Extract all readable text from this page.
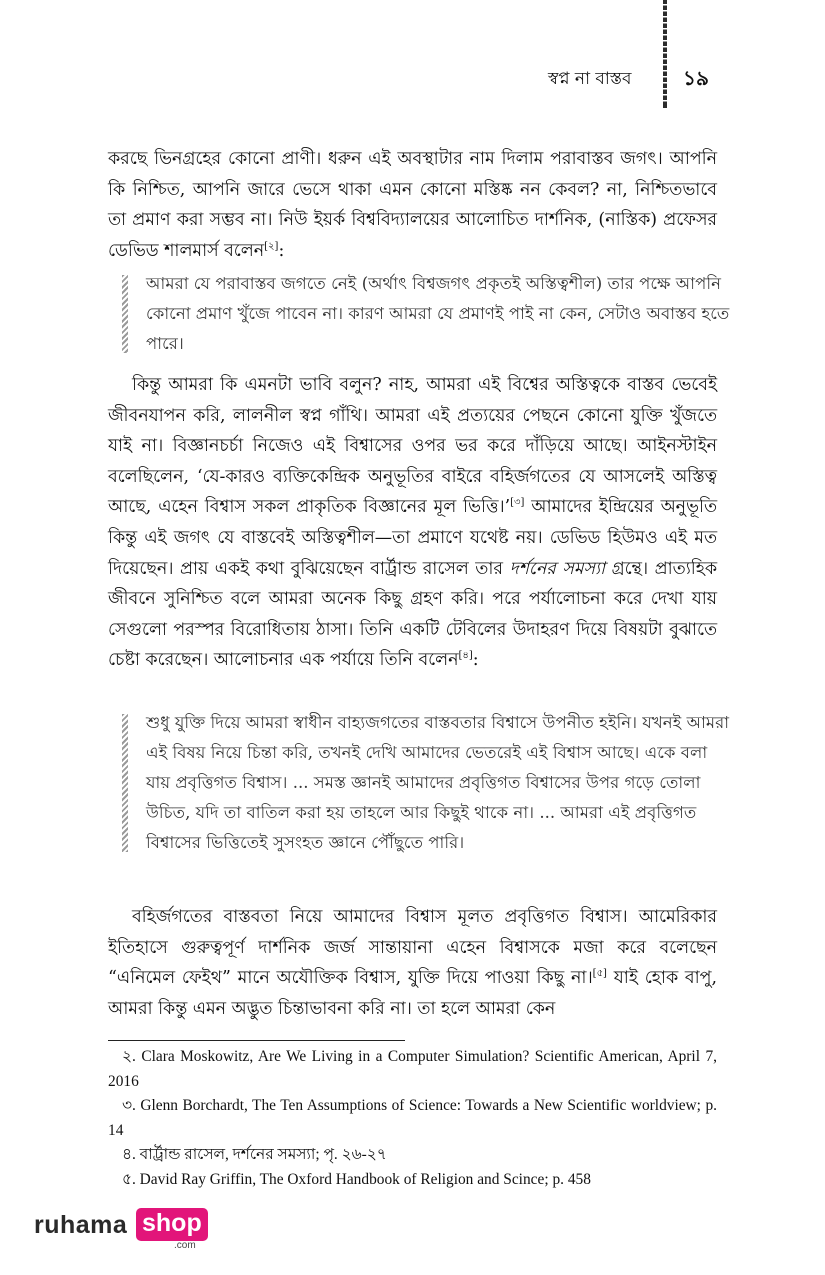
স্বপ্ন না বাস্তব	১৯

করছে ভিনগ্রহের কোনো প্রাণী। ধরুন এই অবস্থাটার নাম দিলাম পরাবাস্তব জগৎ। আপনি কি নিশ্চিত, আপনি জারে ভেসে থাকা এমন কোনো মস্তিষ্ক নন কেবল? না, নিশ্চিতভাবে তা প্রমাণ করা সম্ভব না। নিউ ইয়র্ক বিশ্ববিদ্যালয়ের আলোচিত দার্শনিক, (নাস্তিক) প্রফেসর ডেভিড শালমার্স বলেন[২]:

আমরা যে পরাবাস্তব জগতে নেই (অর্থাৎ বিশ্বজগৎ প্রকৃতই অস্তিত্বশীল) তার পক্ষে আপনি কোনো প্রমাণ খুঁজে পাবেন না। কারণ আমরা যে প্রমাণই পাই না কেন, সেটাও অবাস্তব হতে পারে।

কিন্তু আমরা কি এমনটা ভাবি বলুন? নাহ, আমরা এই বিশ্বের অস্তিত্বকে বাস্তব ভেবেই জীবনযাপন করি, লালনীল স্বপ্ন গাঁথি। আমরা এই প্রত্যয়ের পেছনে কোনো যুক্তি খুঁজতে যাই না। বিজ্ঞানচর্চা নিজেও এই বিশ্বাসের ওপর ভর করে দাঁড়িয়ে আছে। আইনস্টাইন বলেছিলেন, ‘যে-কারও ব্যক্তিকেন্দ্রিক অনুভূতির বাইরে বহির্জগতের যে আসলেই অস্তিত্ব আছে, এহেন বিশ্বাস সকল প্রাকৃতিক বিজ্ঞানের মূল ভিত্তি।’[৩] আমাদের ইন্দ্রিয়ের অনুভূতি কিন্তু এই জগৎ যে বাস্তবেই অস্তিত্বশীল—তা প্রমাণে যথেষ্ট নয়। ডেভিড হিউমও এই মত দিয়েছেন। প্রায় একই কথা বুঝিয়েছেন বার্ট্রান্ড রাসেল তার দর্শনের সমস্যা গ্রন্থে। প্রাত্যহিক জীবনে সুনিশ্চিত বলে আমরা অনেক কিছু গ্রহণ করি। পরে পর্যালোচনা করে দেখা যায় সেগুলো পরস্পর বিরোধিতায় ঠাসা। তিনি একটি টেবিলের উদাহরণ দিয়ে বিষয়টা বুঝাতে চেষ্টা করেছেন। আলোচনার এক পর্যায়ে তিনি বলেন[৪]:

শুধু যুক্তি দিয়ে আমরা স্বাধীন বাহ্যজগতের বাস্তবতার বিশ্বাসে উপনীত হইনি। যখনই আমরা এই বিষয় নিয়ে চিন্তা করি, তখনই দেখি আমাদের ভেতরেই এই বিশ্বাস আছে। একে বলা যায় প্রবৃত্তিগত বিশ্বাস। ... সমস্ত জ্ঞানই আমাদের প্রবৃত্তিগত বিশ্বাসের উপর গড়ে তোলা উচিত, যদি তা বাতিল করা হয় তাহলে আর কিছুই থাকে না। ... আমরা এই প্রবৃত্তিগত বিশ্বাসের ভিত্তিতেই সুসংহত জ্ঞানে পৌঁছুতে পারি।

বহির্জগতের বাস্তবতা নিয়ে আমাদের বিশ্বাস মূলত প্রবৃত্তিগত বিশ্বাস। আমেরিকার ইতিহাসে গুরুত্বপূর্ণ দার্শনিক জর্জ সান্তায়ানা এহেন বিশ্বাসকে মজা করে বলেছেন “এনিমেল ফেইথ” মানে অযৌক্তিক বিশ্বাস, যুক্তি দিয়ে পাওয়া কিছু না।[৫] যাই হোক বাপু, আমরা কিন্তু এমন অদ্ভুত চিন্তাভাবনা করি না। তা হলে আমরা কেন

২. Clara Moskowitz, Are We Living in a Computer Simulation? Scientific American, April 7, 2016

৩. Glenn Borchardt, The Ten Assumptions of Science: Towards a New Scientific worldview; p. 14

৪. বার্ট্রান্ড রাসেল, দর্শনের সমস্যা; পৃ. ২৬-২৭

৫. David Ray Griffin, The Oxford Handbook of Religion and Scince; p. 458

ruhama shop
.com
